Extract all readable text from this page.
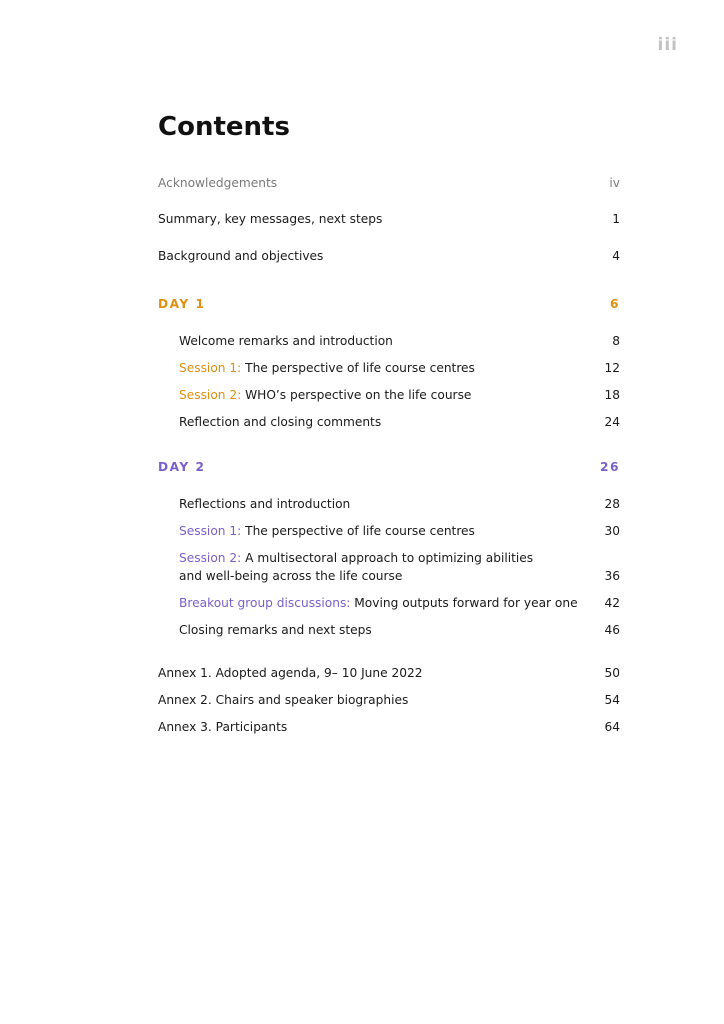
iii
Contents
Acknowledgements	iv
Summary, key messages, next steps	1
Background and objectives	4
DAY 1	6
Welcome remarks and introduction	8
Session 1: The perspective of life course centres	12
Session 2: WHO’s perspective on the life course	18
Reflection and closing comments	24
DAY 2	26
Reflections and introduction	28
Session 1: The perspective of life course centres	30
Session 2: A multisectoral approach to optimizing abilities
and well-being across the life course	36
Breakout group discussions: Moving outputs forward for year one 42
Closing remarks and next steps	46
Annex 1. Adopted agenda, 9– 10 June 2022	50
Annex 2. Chairs and speaker biographies	54
Annex 3. Participants	64
